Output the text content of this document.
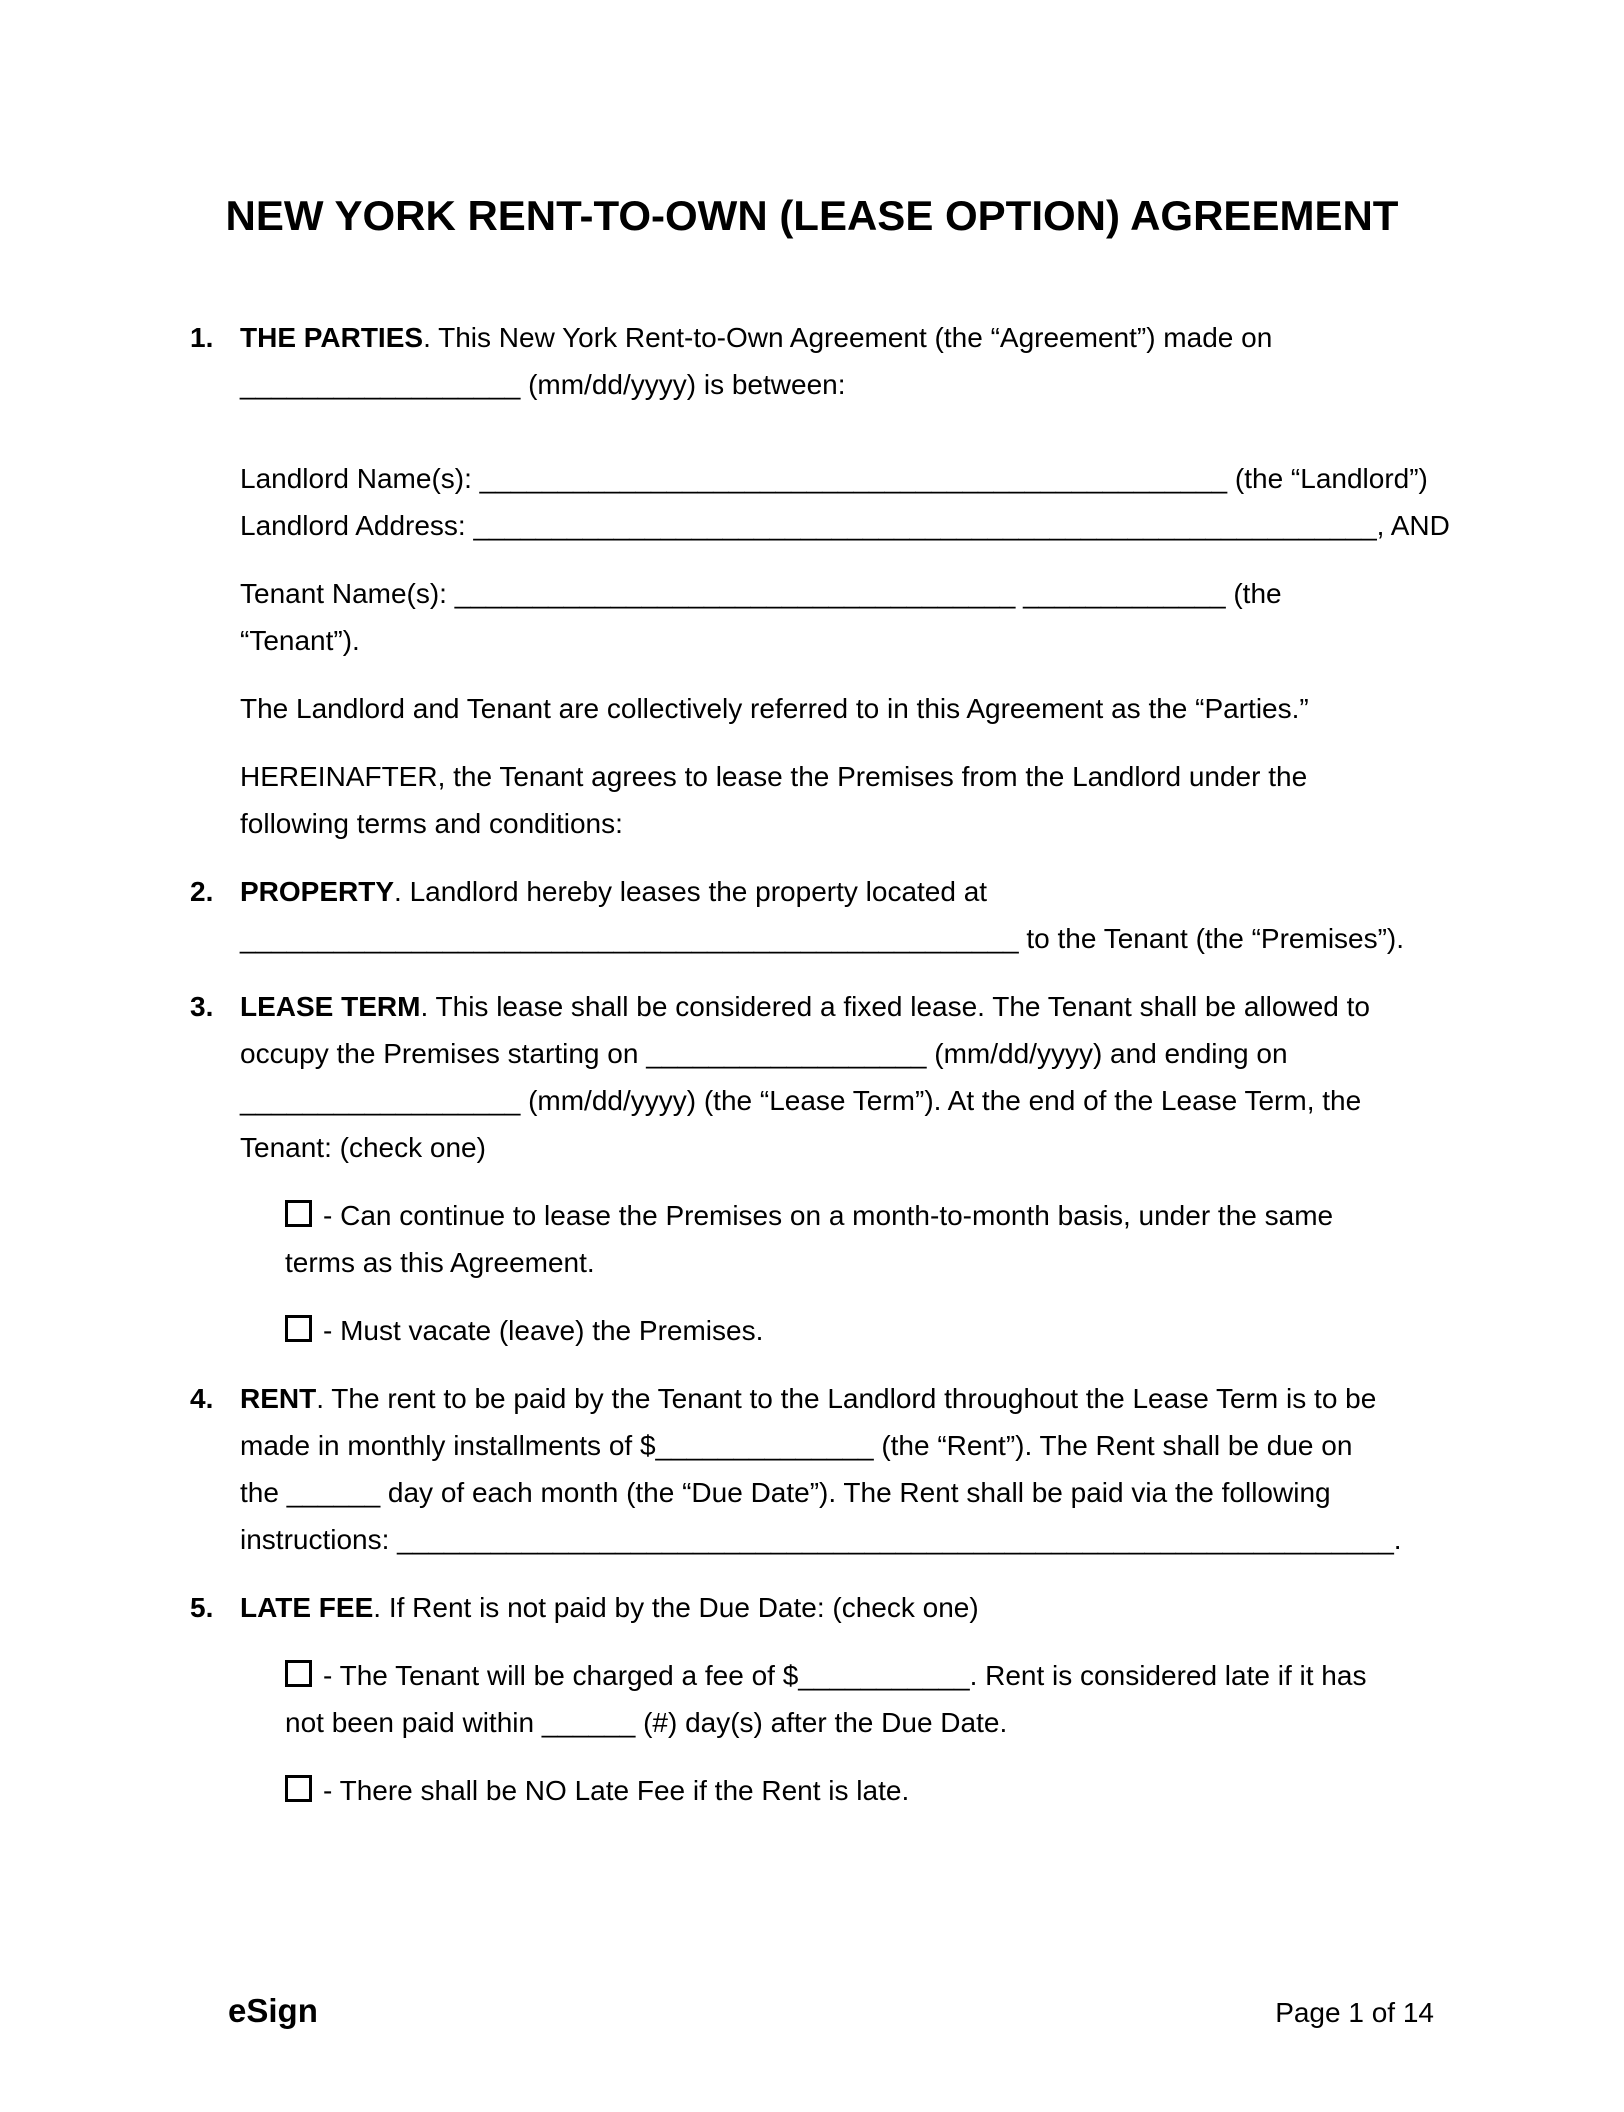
NEW YORK RENT-TO-OWN (LEASE OPTION) AGREEMENT
1. THE PARTIES. This New York Rent-to-Own Agreement (the “Agreement”) made on
__________________ (mm/dd/yyyy) is between:
Landlord Name(s): ________________________________________________ (the “Landlord”)
Landlord Address: __________________________________________________________, AND
Tenant Name(s): ____________________________________ _____________ (the
“Tenant”).
The Landlord and Tenant are collectively referred to in this Agreement as the “Parties.”
HEREINAFTER, the Tenant agrees to lease the Premises from the Landlord under the
following terms and conditions:
2. PROPERTY. Landlord hereby leases the property located at
__________________________________________________ to the Tenant (the “Premises”).
3. LEASE TERM. This lease shall be considered a fixed lease. The Tenant shall be allowed to
occupy the Premises starting on __________________ (mm/dd/yyyy) and ending on
__________________ (mm/dd/yyyy) (the “Lease Term”). At the end of the Lease Term, the
Tenant: (check one)
- Can continue to lease the Premises on a month-to-month basis, under the same
terms as this Agreement.
- Must vacate (leave) the Premises.
4. RENT. The rent to be paid by the Tenant to the Landlord throughout the Lease Term is to be
made in monthly installments of $______________ (the “Rent”). The Rent shall be due on
the ______ day of each month (the “Due Date”). The Rent shall be paid via the following
instructions: ________________________________________________________________.
5. LATE FEE. If Rent is not paid by the Due Date: (check one)
- The Tenant will be charged a fee of $___________. Rent is considered late if it has
not been paid within ______ (#) day(s) after the Due Date.
- There shall be NO Late Fee if the Rent is late.
eSign	Page 1 of 14
